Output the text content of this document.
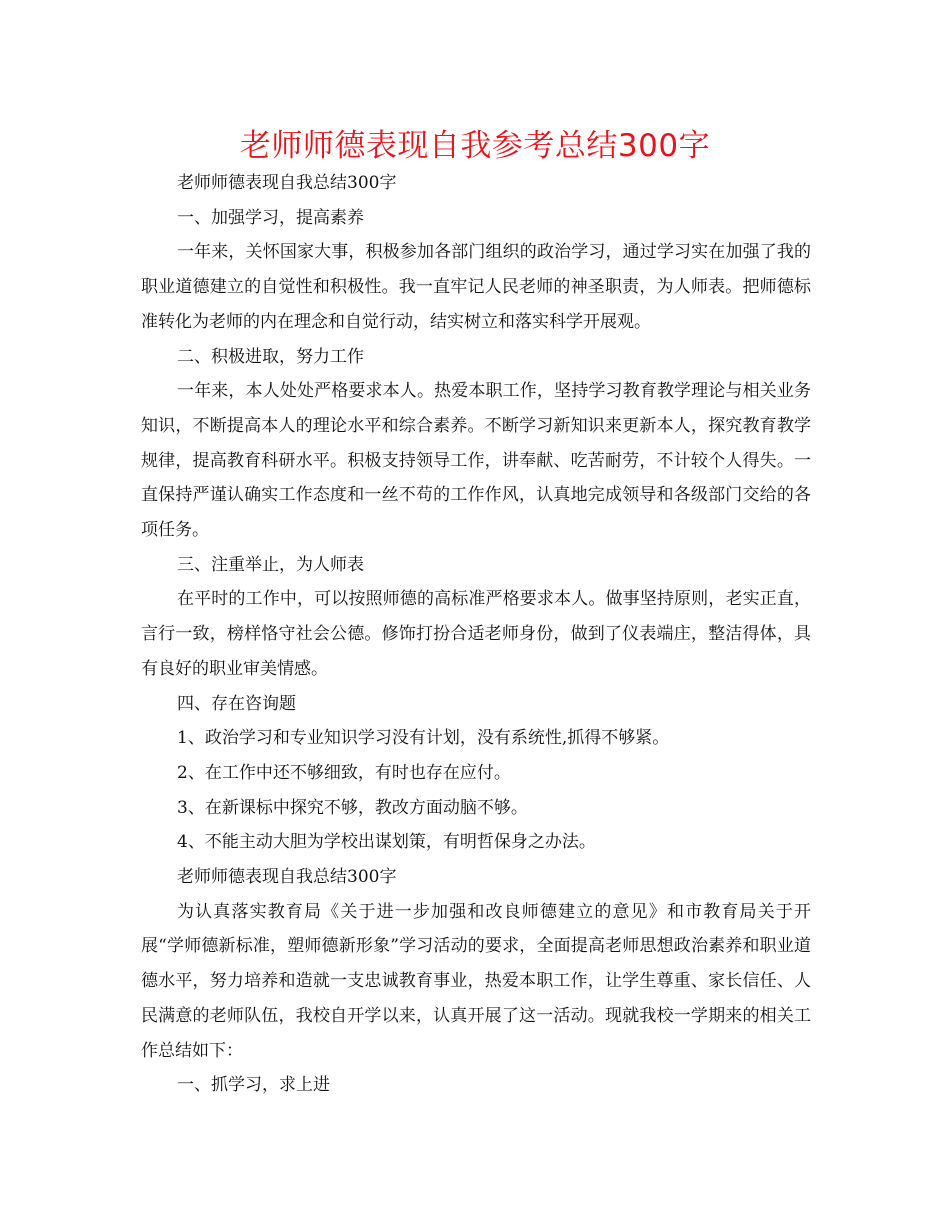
老师师德表现自我参考总结300字

老师师德表现自我总结300字

一、加强学习，提高素养

一年来，关怀国家大事，积极参加各部门组织的政治学习，通过学习实在加强了我的职业道德建立的自觉性和积极性。我一直牢记人民老师的神圣职责，为人师表。把师德标准转化为老师的内在理念和自觉行动，结实树立和落实科学开展观。

二、积极进取，努力工作

一年来，本人处处严格要求本人。热爱本职工作，坚持学习教育教学理论与相关业务知识，不断提高本人的理论水平和综合素养。不断学习新知识来更新本人，探究教育教学规律，提高教育科研水平。积极支持领导工作，讲奉献、吃苦耐劳，不计较个人得失。一直保持严谨认确实工作态度和一丝不苟的工作作风，认真地完成领导和各级部门交给的各项任务。

三、注重举止，为人师表

在平时的工作中，可以按照师德的高标准严格要求本人。做事坚持原则，老实正直，言行一致，榜样恪守社会公德。修饰打扮合适老师身份，做到了仪表端庄，整洁得体，具有良好的职业审美情感。

四、存在咨询题

1、政治学习和专业知识学习没有计划，没有系统性,抓得不够紧。

2、在工作中还不够细致，有时也存在应付。

3、在新课标中探究不够，教改方面动脑不够。

4、不能主动大胆为学校出谋划策，有明哲保身之办法。

老师师德表现自我总结300字

为认真落实教育局《关于进一步加强和改良师德建立的意见》和市教育局关于开展“学师德新标准，塑师德新形象”学习活动的要求，全面提高老师思想政治素养和职业道德水平，努力培养和造就一支忠诚教育事业，热爱本职工作，让学生尊重、家长信任、人民满意的老师队伍，我校自开学以来，认真开展了这一活动。现就我校一学期来的相关工作总结如下：

一、抓学习，求上进
